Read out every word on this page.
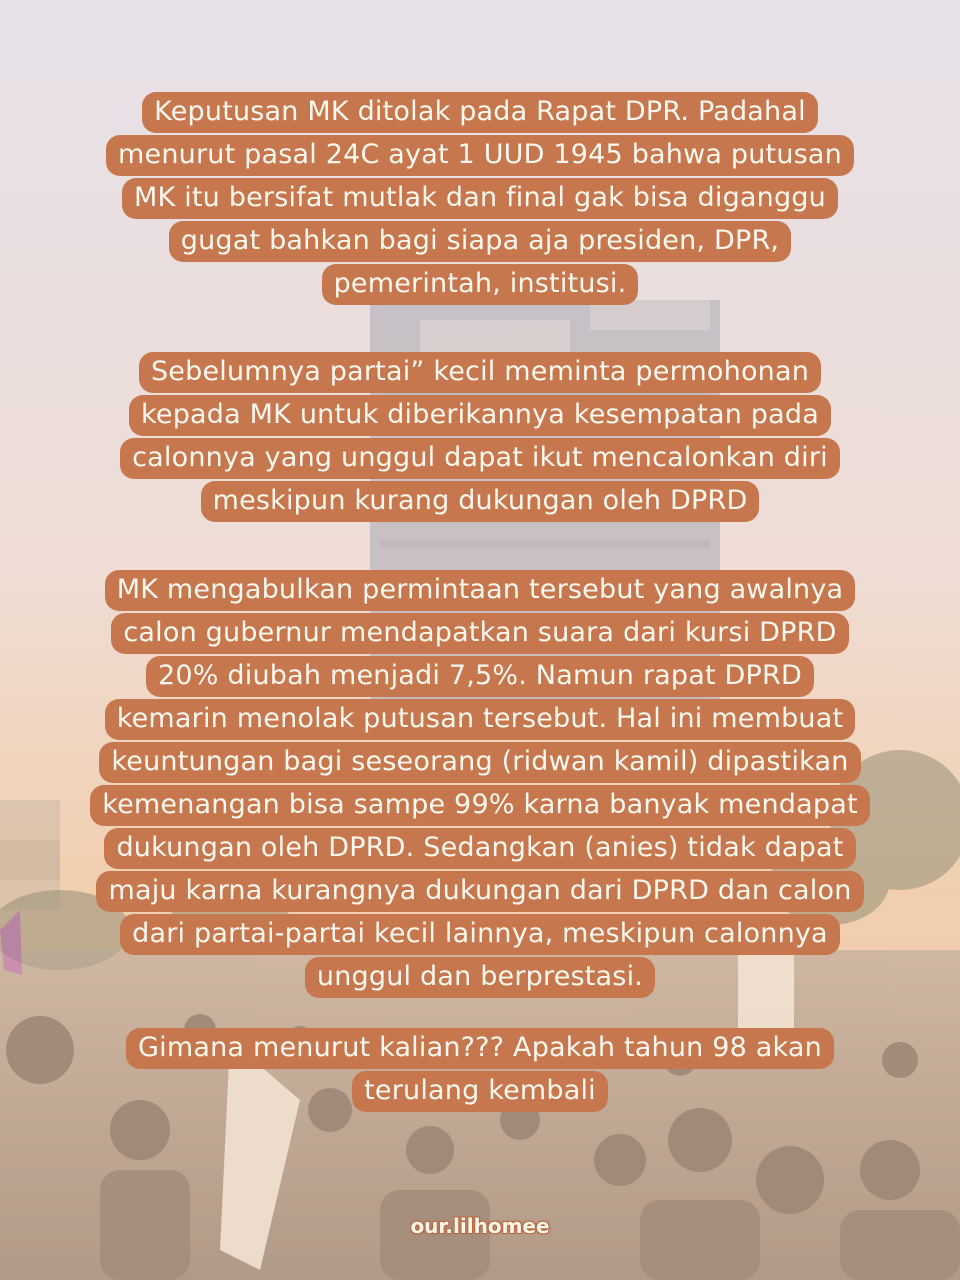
Keputusan MK ditolak pada Rapat DPR. Padahal
menurut pasal 24C ayat 1 UUD 1945 bahwa putusan
MK itu bersifat mutlak dan final gak bisa diganggu
gugat bahkan bagi siapa aja presiden, DPR,
pemerintah, institusi.
Sebelumnya partai” kecil meminta permohonan
kepada MK untuk diberikannya kesempatan pada
calonnya yang unggul dapat ikut mencalonkan diri
meskipun kurang dukungan oleh DPRD
MK mengabulkan permintaan tersebut yang awalnya
calon gubernur mendapatkan suara dari kursi DPRD
20% diubah menjadi 7,5%. Namun rapat DPRD
kemarin menolak putusan tersebut. Hal ini membuat
keuntungan bagi seseorang (ridwan kamil) dipastikan
kemenangan bisa sampe 99% karna banyak mendapat
dukungan oleh DPRD. Sedangkan (anies) tidak dapat
maju karna kurangnya dukungan dari DPRD dan calon
dari partai-partai kecil lainnya, meskipun calonnya
unggul dan berprestasi.
Gimana menurut kalian??? Apakah tahun 98 akan
terulang kembali
our.lilhomee
